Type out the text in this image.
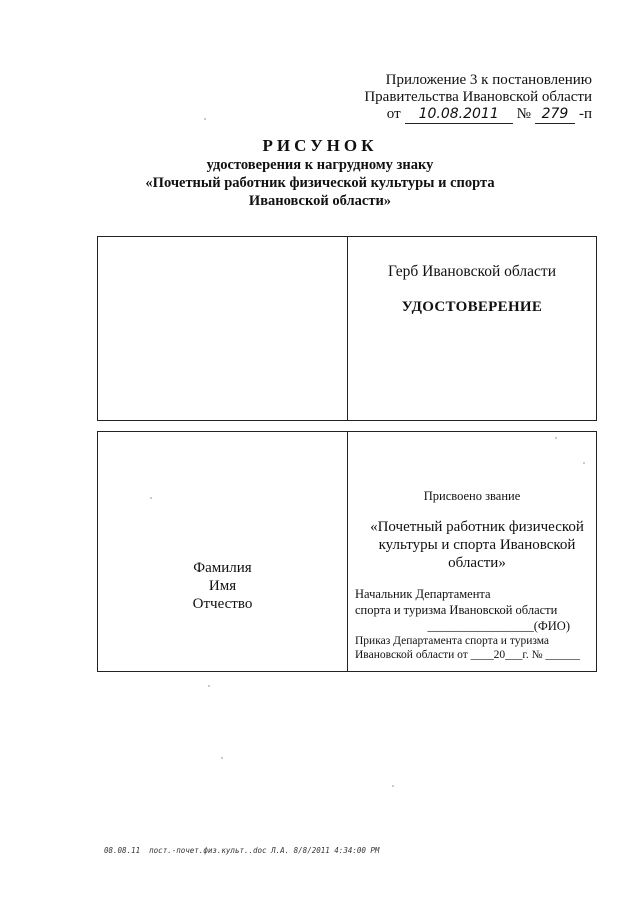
Приложение 3 к постановлению
Правительства Ивановской области
от	10.08.2011	№ 279 -п
РИСУНОК
удостоверения к нагрудному знаку
«Почетный работник физической культуры и спорта
Ивановской области»
Герб Ивановской области
УДОСТОВЕРЕНИЕ
Фамилия
Имя
Отчество
Присвоено звание
«Почетный работник физической
культуры и спорта Ивановской
области»
Начальник Департамента
спорта и туризма Ивановской области
_________________(ФИО)
Приказ Департамента спорта и туризма
Ивановской области от ____20___г. № ______
08.08.11  пост.-почет.физ.культ..doc Л.А. 8/8/2011 4:34:00 PM
